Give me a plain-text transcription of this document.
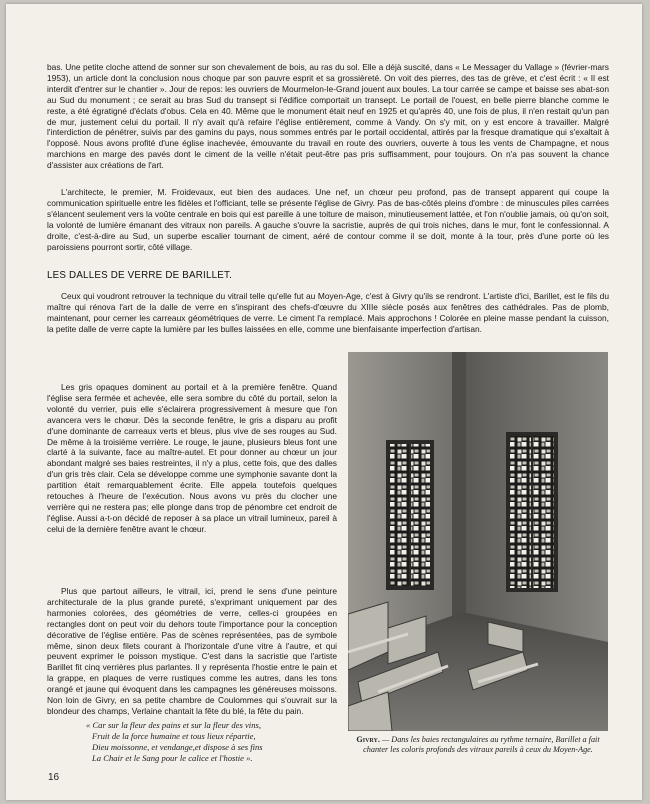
bas. Une petite cloche attend de sonner sur son chevalement de bois, au ras du sol. Elle a déjà suscité, dans « Le Messager du Vallage » (février-mars 1953), un article dont la conclusion nous choque par son pauvre esprit et sa grossièreté. On voit des pierres, des tas de grève, et c'est écrit : « Il est interdit d'entrer sur le chantier ». Jour de repos: les ouvriers de Mourmelon-le-Grand jouent aux boules. La tour carrée se campe et baisse ses abat-son au Sud du monument ; ce serait au bras Sud du transept si l'édifice comportait un transept. Le portail de l'ouest, en belle pierre blanche comme le reste, a été égratigné d'éclats d'obus. Cela en 40. Même que le monument était neuf en 1925 et qu'après 40, une fois de plus, il n'en restait qu'un pan de mur, justement celui du portail. Il n'y avait qu'à refaire l'église entièrement, comme à Vandy. On s'y mit, on y est encore à travailler. Malgré l'interdiction de pénétrer, suivis par des gamins du pays, nous sommes entrés par le portail occidental, attirés par la fresque dramatique qui s'exaltait à l'opposé. Nous avons profité d'une église inachevée, émouvante du travail en route des ouvriers, ouverte à tous les vents de Champagne, et nous marchions en marge des pavés dont le ciment de la veille n'était peut-être pas pris suffisamment, pour toujours. On n'a pas souvent la chance d'assister aux créations de l'art.

L'architecte, le premier, M. Froidevaux, eut bien des audaces. Une nef, un chœur peu profond, pas de transept apparent qui coupe la communication spirituelle entre les fidèles et l'officiant, telle se présente l'église de Givry. Pas de bas-côtés pleins d'ombre : de minuscules piles carrées s'élancent seulement vers la voûte centrale en bois qui est pareille à une toiture de maison, minutieusement lattée, et l'on n'oublie jamais, où qu'on soit, la volonté de lumière émanant des vitraux non pareils. A gauche s'ouvre la sacristie, auprès de qui trois niches, dans le mur, font le confessionnal. A droite, c'est-à-dire au Sud, un superbe escalier tournant de ciment, aéré de contour comme il se doit, monte à la tour, près d'une porte où les paroissiens pourront sortir, côté village.

LES DALLES DE VERRE DE BARILLET.

Ceux qui voudront retrouver la technique du vitrail telle qu'elle fut au Moyen-Age, c'est à Givry qu'ils se rendront. L'artiste d'ici, Barillet, est le fils du maître qui rénova l'art de la dalle de verre en s'inspirant des chefs-d'œuvre du XIIIe siècle posés aux fenêtres des cathédrales. Pas de plomb, maintenant, pour cerner les carreaux géométriques de verre. Le ciment l'a remplacé. Mais approchons ! Colorée en pleine masse pendant la cuisson, la petite dalle de verre capte la lumière par les bulles laissées en elle, comme une bienfaisante imperfection d'artisan.

Les gris opaques dominent au portail et à la première fenêtre. Quand l'église sera fermée et achevée, elle sera sombre du côté du portail, selon la volonté du verrier, puis elle s'éclairera progressivement à mesure que l'on avancera vers le chœur. Dès la seconde fenêtre, le gris a disparu au profit d'une dominante de carreaux verts et bleus, plus vive de ses rouges au Sud. De même à la troisième verrière. Le rouge, le jaune, plusieurs bleus font une clarté à la suivante, face au maître-autel. Et pour donner au chœur un jour abondant malgré ses baies restreintes, il n'y a plus, cette fois, que des dalles d'un gris très clair. Cela se développe comme une symphonie savante dont la partition était remarquablement écrite. Elle appela toutefois quelques retouches à l'heure de l'exécution. Nous avons vu près du clocher une verrière qui ne restera pas; elle plonge dans trop de pénombre cet endroit de l'église. Aussi a-t-on décidé de reposer à sa place un vitrail lumineux, pareil à celui de la dernière fenêtre avant le chœur.

Plus que partout ailleurs, le vitrail, ici, prend le sens d'une peinture architecturale de la plus grande pureté, s'exprimant uniquement par des harmonies colorées, des géométries de verre, celles-ci groupées en rectangles dont on peut voir du dehors toute l'importance pour la conception décorative de l'église entière. Pas de scènes représentées, pas de symbole même, sinon deux filets courant à l'horizontale d'une vitre à l'autre, et qui peuvent exprimer le poisson mystique. C'est dans la sacristie que l'artiste Barillet fit cinq verrières plus parlantes. Il y représenta l'hostie entre le pain et la grappe, en plaques de verre rustiques comme les autres, dans les tons orangé et jaune qui évoquent dans les campagnes les généreuses moissons. Non loin de Givry, en sa petite chambre de Coulommes qui s'ouvrait sur la blondeur des champs, Verlaine chantait la fête du blé, la fête du pain.

Givry. — Dans les baies rectangulaires au rythme ternaire, Barillet a fait chanter les coloris profonds des vitraux pareils à ceux du Moyen-Age.

« Car sur la fleur des pains et sur la fleur des vins,
Fruit de la force humaine et tous lieux répartie,
Dieu moissonne, et vendange,et dispose à ses fins
La Chair et le Sang pour le calice et l'hostie ».
16
